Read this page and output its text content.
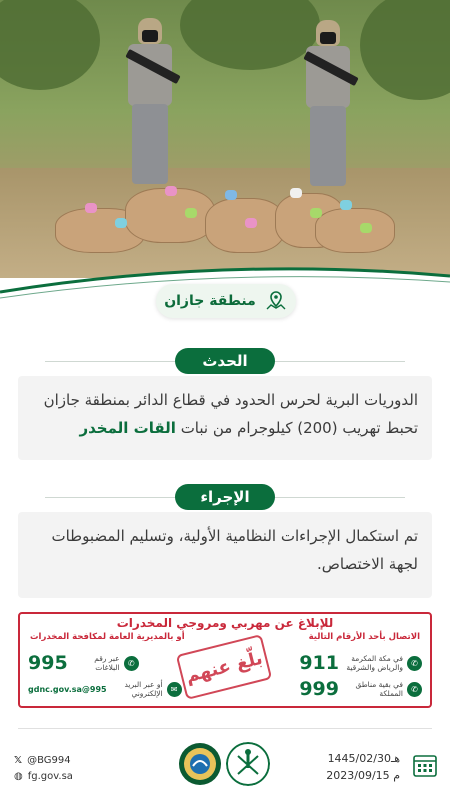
منطقة جازان
الحدث

الدوريات البرية لحرس الحدود في قطاع الدائر بمنطقة جازان تحبط تهريب (200) كيلوجرام من نبات القات المخدر

الإجراء

تم استكمال الإجراءات النظامية الأولية، وتسليم المضبوطات لجهة الاختصاص.

للإبلاغ عن مهربي ومروجي المخدرات
الاتصال بأحد الأرقام التالية
أو بالمديرية العامة لمكافحة المخدرات
✆
في مكة المكرمة والرياض والشرقية
911
✆
في بقية مناطق المملكة
999
بلّغ عنهم
✆
عبر رقم البلاغات
995
✉
أو عبر البريد الإلكتروني
995@gdnc.gov.sa
𝕏 @BG994
◍ fg.gov.sa
1445/02/30هـ
2023/09/15 م
